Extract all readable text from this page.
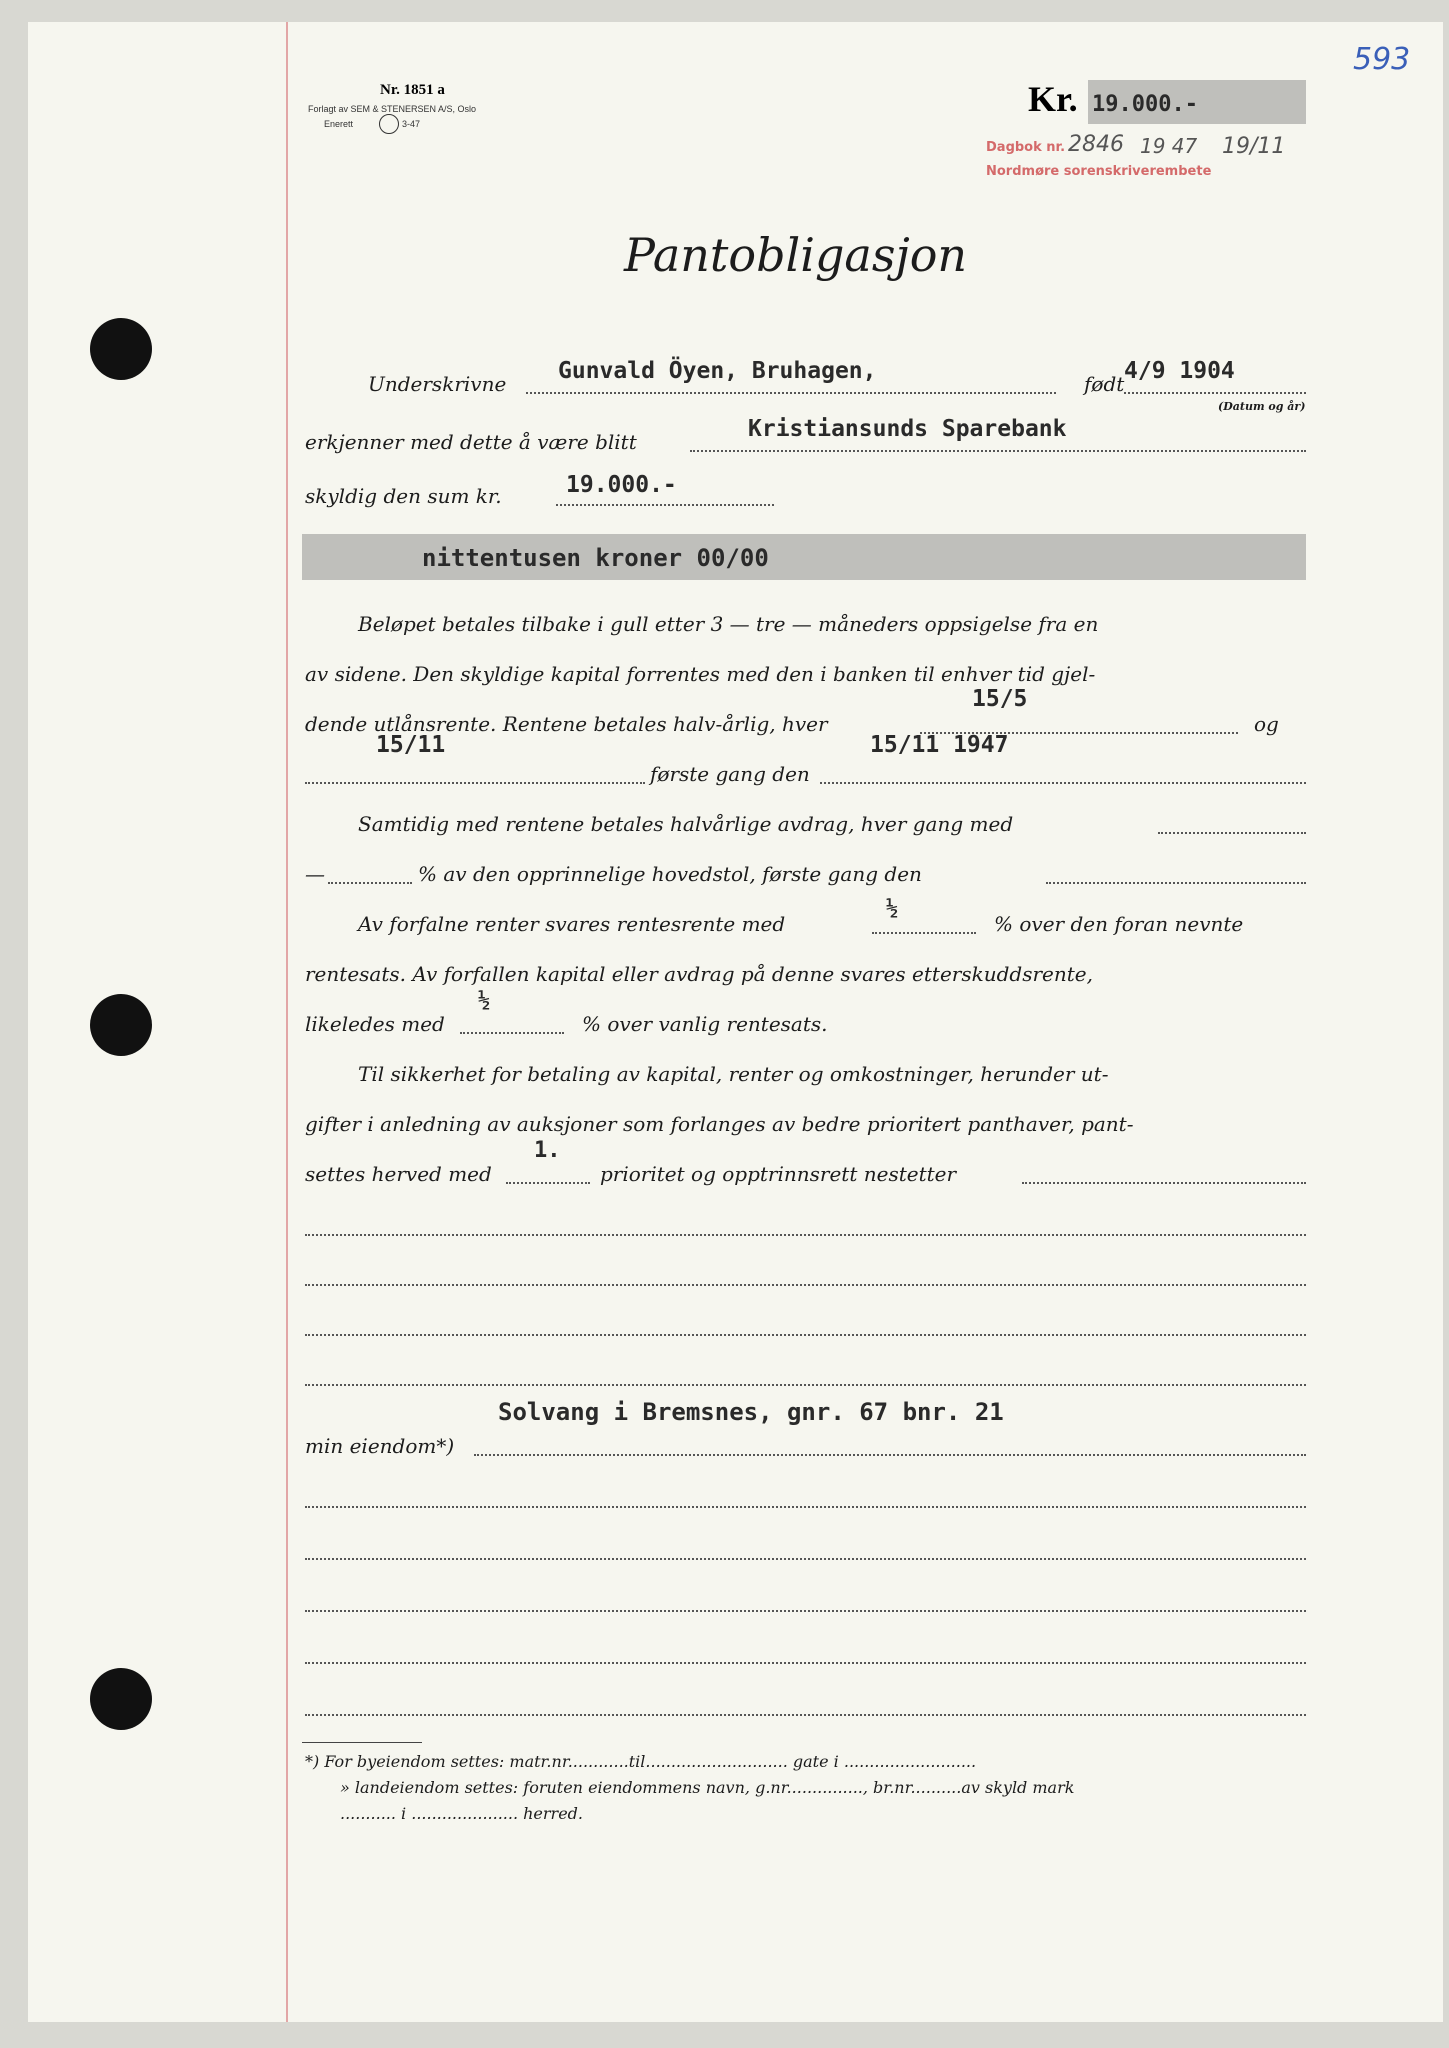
Nr. 1851 a
Forlagt av SEM & STENERSEN A/S, Oslo
Enerett	3-47
Kr. 19.000.-
593
Dagbok nr. 2846 19 47 19/11
Nordmøre sorenskriverembete
Pantobligasjon
Underskrivne Gunvald Öyen, Bruhagen,	født 4/9 1904
(Datum og år)
erkjenner med dette å være blitt	Kristiansunds Sparebank
skyldig den sum kr.	19.000.-
nittentusen kroner 00/00
Beløpet betales tilbake i gull etter 3 — tre — måneders oppsigelse fra en
av sidene. Den skyldige kapital forrentes med den i banken til enhver tid gjel-
dende utlånsrente. Rentene betales halv-årlig, hver
15/5
og
15/11
første gang den
15/11 1947
Samtidig med rentene betales halvårlige avdrag, hver gang med
—	% av den opprinnelige hovedstol, første gang den
Av forfalne renter svares rentesrente med
½
% over den foran nevnte
rentesats. Av forfallen kapital eller avdrag på denne svares etterskuddsrente,
likeledes med
½
% over vanlig rentesats.
Til sikkerhet for betaling av kapital, renter og omkostninger, herunder ut-
gifter i anledning av auksjoner som forlanges av bedre prioritert panthaver, pant-
settes herved med
1.
prioritet og opptrinnsrett nestetter
Solvang i Bremsnes, gnr. 67 bnr. 21
min eiendom*)
*) For byeiendom settes: matr.nr............til............................ gate i ..........................
» landeiendom settes: foruten eiendommens navn, g.nr..............., br.nr..........av skyld mark
........... i ..................... herred.
